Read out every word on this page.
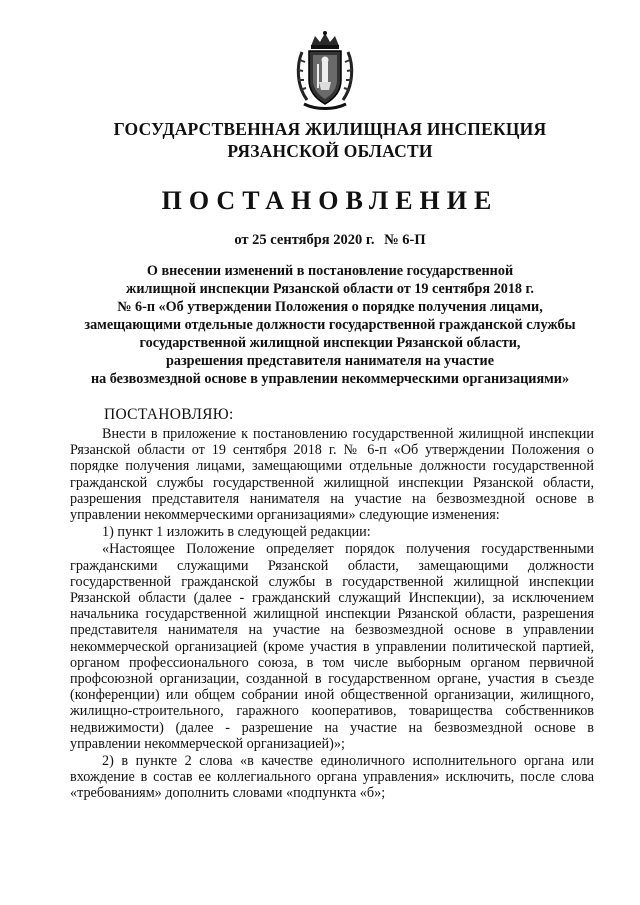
ГОСУДАРСТВЕННАЯ ЖИЛИЩНАЯ ИНСПЕКЦИЯ
РЯЗАНСКОЙ ОБЛАСТИ
ПОСТАНОВЛЕНИЕ
от 25 сентября 2020 г. № 6-П
О внесении изменений в постановление государственной
жилищной инспекции Рязанской области от 19 сентября 2018 г.
№ 6-п «Об утверждении Положения о порядке получения лицами,
замещающими отдельные должности государственной гражданской службы
государственной жилищной инспекции Рязанской области,
разрешения представителя нанимателя на участие
на безвозмездной основе в управлении некоммерческими организациями»
ПОСТАНОВЛЯЮ:

Внести в приложение к постановлению государственной жилищной инспекции Рязанской области от 19 сентября 2018 г. № 6-п «Об утверждении Положения о порядке получения лицами, замещающими отдельные должности государственной гражданской службы государственной жилищной инспекции Рязанской области, разрешения представителя нанимателя на участие на безвозмездной основе в управлении некоммерческими организациями» следующие изменения:

1) пункт 1 изложить в следующей редакции:

«Настоящее Положение определяет порядок получения государственными гражданскими служащими Рязанской области, замещающими должности государственной гражданской службы в государственной жилищной инспекции Рязанской области (далее - гражданский служащий Инспекции), за исключением начальника государственной жилищной инспекции Рязанской области, разрешения представителя нанимателя на участие на безвозмездной основе в управлении некоммерческой организацией (кроме участия в управлении политической партией, органом профессионального союза, в том числе выборным органом первичной профсоюзной организации, созданной в государственном органе, участия в съезде (конференции) или общем собрании иной общественной организации, жилищного, жилищно-строительного, гаражного кооперативов, товарищества собственников недвижимости) (далее - разрешение на участие на безвозмездной основе в управлении некоммерческой организацией)»;

2) в пункте 2 слова «в качестве единоличного исполнительного органа или вхождение в состав ее коллегиального органа управления» исключить, после слова «требованиям» дополнить словами «подпункта «б»;
